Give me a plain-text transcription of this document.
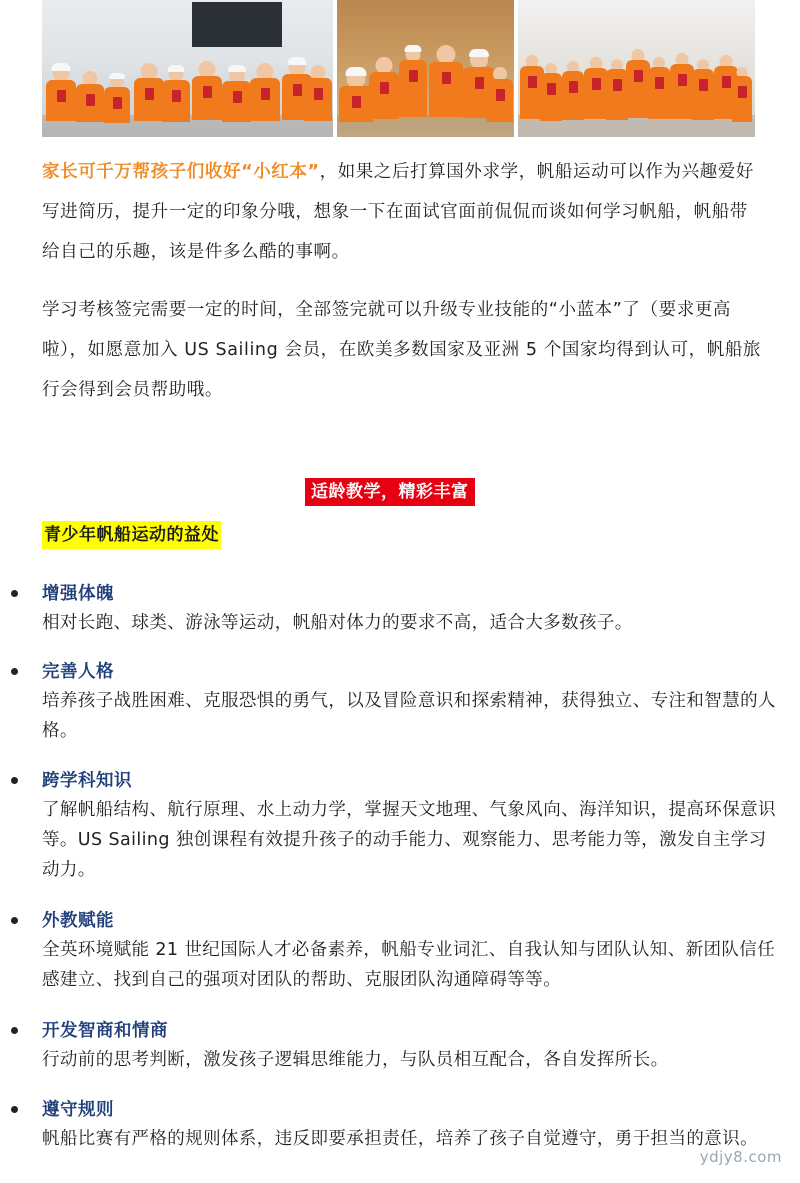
家长可千万帮孩子们收好“小红本”，如果之后打算国外求学，帆船运动可以作为兴趣爱好写进简历，提升一定的印象分哦，想象一下在面试官面前侃侃而谈如何学习帆船，帆船带给自己的乐趣，该是件多么酷的事啊。

学习考核签完需要一定的时间，全部签完就可以升级专业技能的“小蓝本”了（要求更高啦），如愿意加入 US Sailing 会员，在欧美多数国家及亚洲 5 个国家均得到认可，帆船旅行会得到会员帮助哦。

适龄教学，精彩丰富
青少年帆船运动的益处
增强体魄
相对长跑、球类、游泳等运动，帆船对体力的要求不高，适合大多数孩子。
完善人格
培养孩子战胜困难、克服恐惧的勇气，以及冒险意识和探索精神，获得独立、专注和智慧的人格。
跨学科知识
了解帆船结构、航行原理、水上动力学，掌握天文地理、气象风向、海洋知识，提高环保意识等。US Sailing 独创课程有效提升孩子的动手能力、观察能力、思考能力等，激发自主学习动力。
外教赋能
全英环境赋能 21 世纪国际人才必备素养，帆船专业词汇、自我认知与团队认知、新团队信任感建立、找到自己的强项对团队的帮助、克服团队沟通障碍等等。
开发智商和情商
行动前的思考判断，激发孩子逻辑思维能力，与队员相互配合，各自发挥所长。
遵守规则
帆船比赛有严格的规则体系，违反即要承担责任，培养了孩子自觉遵守，勇于担当的意识。
ydjy8.com
